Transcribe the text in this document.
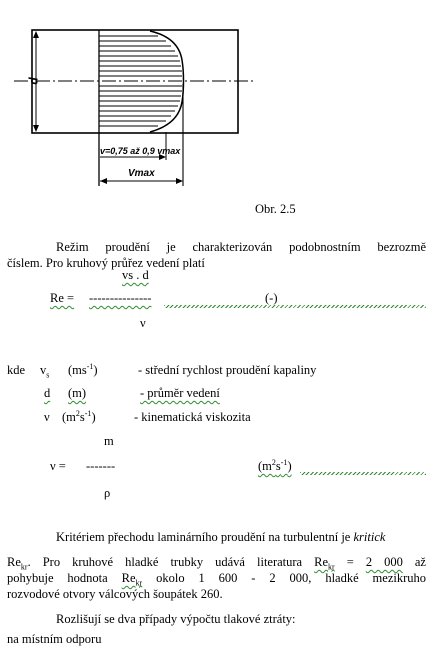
d
v=0,75 až 0,9 vmax
Vmax
Obr. 2.5
Režim proudění je charakterizován podobnostním bezrozmě
číslem. Pro kruhový průřez vedení platí
vs . d
Re = ---------------	(-)
ν
kde $v_s$ $(ms^{-1})$	- střední rychlost proudění kapaliny
d (m)	- průměr vedení
ν $(m^2s^{-1})$	- kinematická viskozita
m
ν = -------	$(m^2s^{-1})$
ρ
Kritériem přechodu laminárního proudění na turbulentní je kritick
$Re_{kr}$. Pro kruhové hladké trubky udává literatura $Re_{kr} = 2$ 000 až
pohybuje hodnota $Re_{kr}$ okolo 1 600 - 2 000, hladké mezikruho
rozvodové otvory válcových šoupátek 260.
Rozlišují se dva případy výpočtu tlakové ztráty:
na místním odporu
